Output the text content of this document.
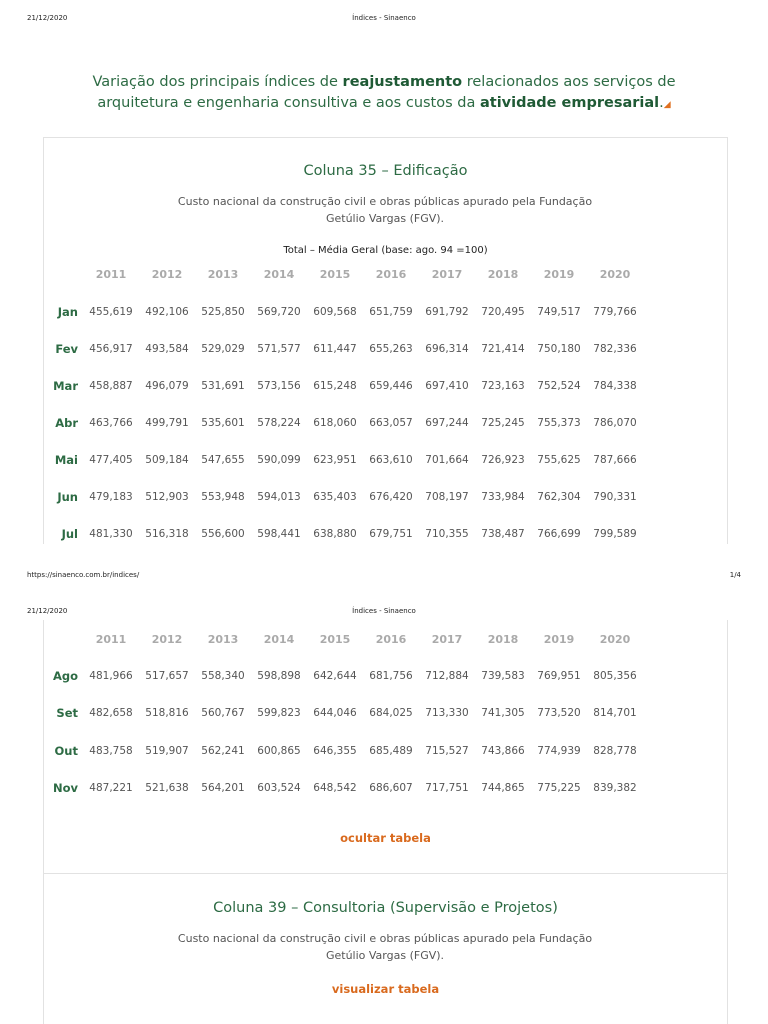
21/12/2020	Índices - Sinaenco
Variação dos principais índices de reajustamento relacionados aos serviços de arquitetura e engenharia consultiva e aos custos da atividade empresarial.◢
Coluna 35 – Edificação
Custo nacional da construção civil e obras públicas apurado pela Fundação Getúlio Vargas (FGV).
Total – Média Geral (base: ago. 94 =100)
2011	2012	2013	2014	2015	2016	2017	2018	2019	2020
Jan	455,619	492,106	525,850	569,720	609,568	651,759	691,792	720,495	749,517	779,766
Fev	456,917	493,584	529,029	571,577	611,447	655,263	696,314	721,414	750,180	782,336
Mar	458,887	496,079	531,691	573,156	615,248	659,446	697,410	723,163	752,524	784,338
Abr	463,766	499,791	535,601	578,224	618,060	663,057	697,244	725,245	755,373	786,070
Mai	477,405	509,184	547,655	590,099	623,951	663,610	701,664	726,923	755,625	787,666
Jun	479,183	512,903	553,948	594,013	635,403	676,420	708,197	733,984	762,304	790,331
Jul	481,330	516,318	556,600	598,441	638,880	679,751	710,355	738,487	766,699	799,589
https://sinaenco.com.br/indices/	1/4
21/12/2020	Índices - Sinaenco
2011	2012	2013	2014	2015	2016	2017	2018	2019	2020
Ago	481,966	517,657	558,340	598,898	642,644	681,756	712,884	739,583	769,951	805,356
Set	482,658	518,816	560,767	599,823	644,046	684,025	713,330	741,305	773,520	814,701
Out	483,758	519,907	562,241	600,865	646,355	685,489	715,527	743,866	774,939	828,778
Nov	487,221	521,638	564,201	603,524	648,542	686,607	717,751	744,865	775,225	839,382
ocultar tabela
Coluna 39 – Consultoria (Supervisão e Projetos)
Custo nacional da construção civil e obras públicas apurado pela Fundação Getúlio Vargas (FGV).
visualizar tabela
